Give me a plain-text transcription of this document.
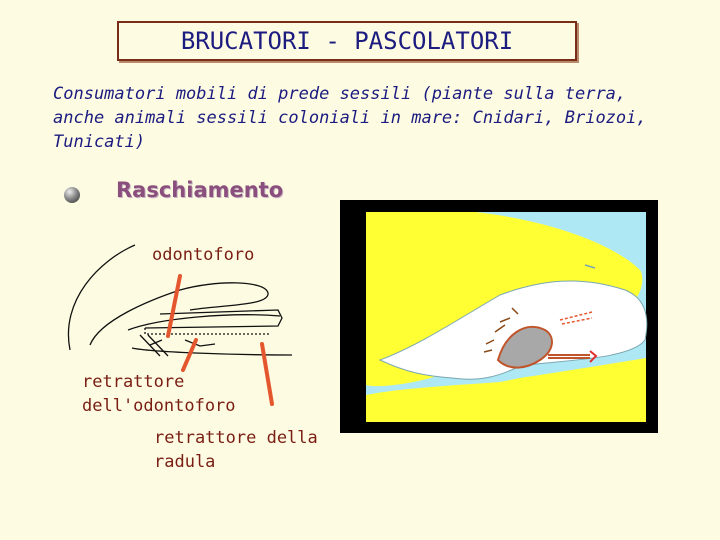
BRUCATORI - PASCOLATORI
Consumatori mobili di prede sessili (piante sulla terra,
anche animali sessili coloniali in mare: Cnidari, Briozoi, Tunicati)
Raschiamento
odontoforo
retrattore
dell'odontoforo
retrattore della
radula
